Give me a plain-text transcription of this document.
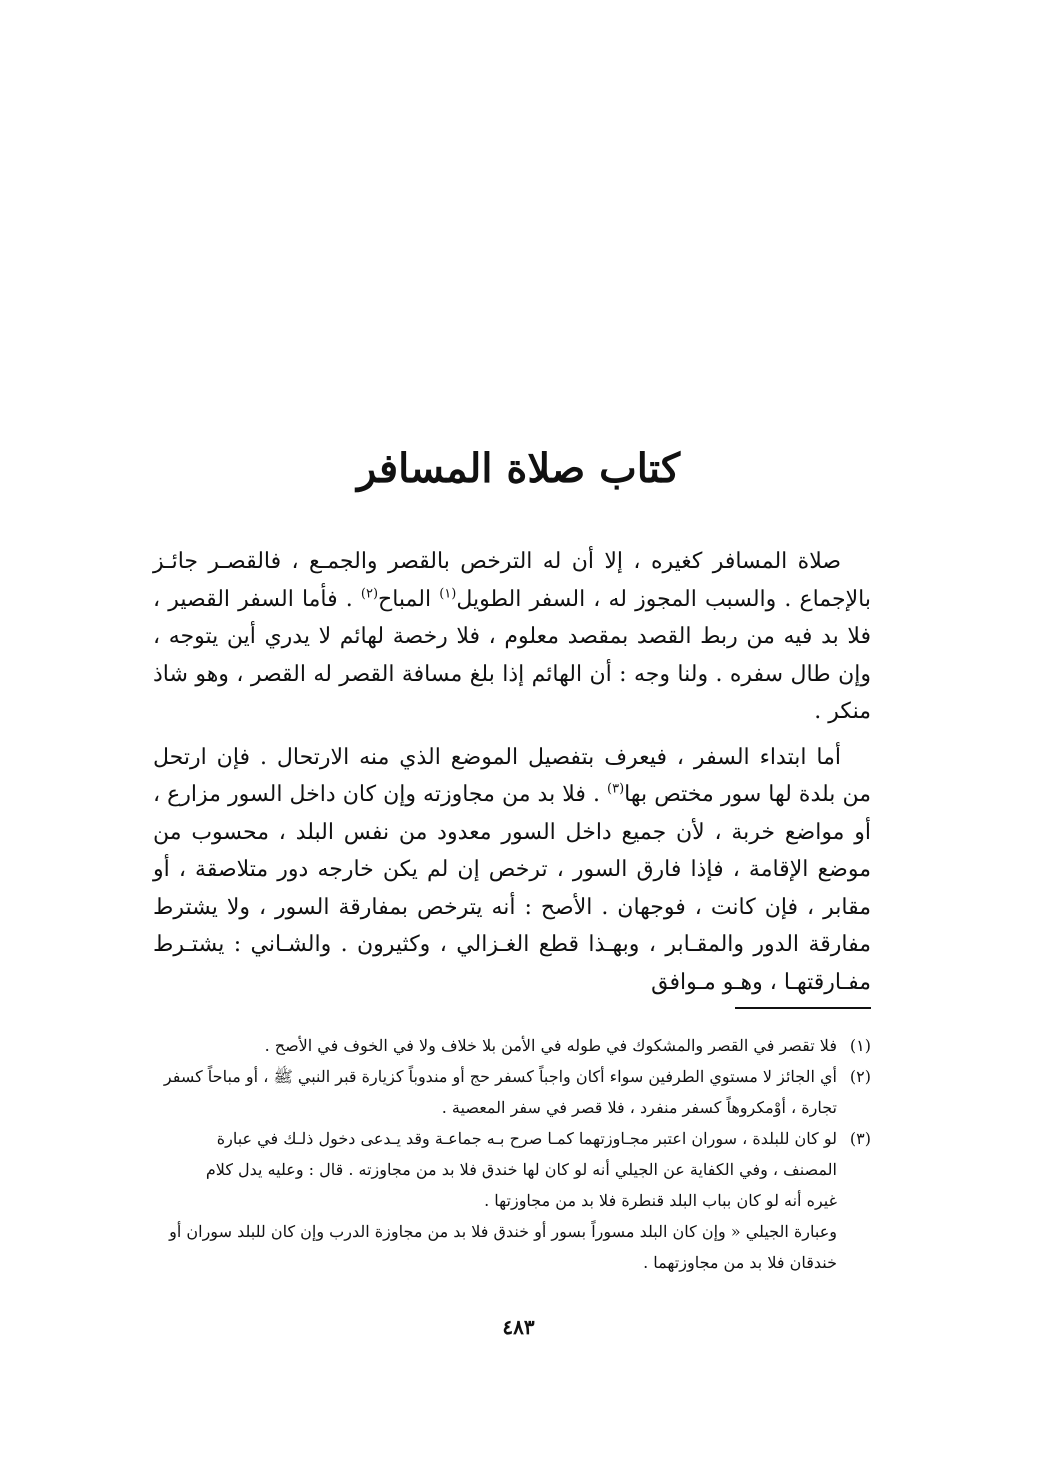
كتاب صلاة المسافر

صلاة المسافر كغيره ، إلا أن له الترخص بالقصر والجمـع ، فالقصـر جائـز بالإجماع . والسبب المجوز له ، السفر الطويل$^{(١)}$ المباح$^{(٢)}$ . فأما السفر القصير ، فلا بد فيه من ربط القصد بمقصد معلوم ، فلا رخصة لهائم لا يدري أين يتوجه ، وإن طال سفره . ولنا وجه : أن الهائم إذا بلغ مسافة القصر له القصر ، وهو شاذ منكر .

أما ابتداء السفر ، فيعرف بتفصيل الموضع الذي منه الارتحال . فإن ارتحل من بلدة لها سور مختص بها$^{(٣)}$ . فلا بد من مجاوزته وإن كان داخل السور مزارع ، أو مواضع خربة ، لأن جميع داخل السور معدود من نفس البلد ، محسوب من موضع الإقامة ، فإذا فارق السور ، ترخص إن لم يكن خارجه دور متلاصقة ، أو مقابر ، فإن كانت ، فوجهان . الأصح : أنه يترخص بمفارقة السور ، ولا يشترط مفارقة الدور والمقـابر ، وبهـذا قطع الغـزالي ، وكثيرون . والشـاني : يشتـرط مفـارقتهـا ، وهـو مـوافق

(١)
فلا تقصر في القصر والمشكوك في طوله في الأمن بلا خلاف ولا في الخوف في الأصح .
(٢)
أي الجائز لا مستوي الطرفين سواء أكان واجباً كسفر حج أو مندوباً كزيارة قبر النبي ﷺ ، أو مباحاً كسفر
تجارة ، أوْمكروهاً كسفر منفرد ، فلا قصر في سفر المعصية .
(٣)
لو كان للبلدة ، سوران اعتبر مجـاوزتهما كمـا صرح بـه جماعـة وقد يـدعى دخول ذلـك في عبارة
المصنف ، وفي الكفاية عن الجيلي أنه لو كان لها خندق فلا بد من مجاوزته . قال : وعليه يدل كلام
غيره أنه لو كان بباب البلد قنطرة فلا بد من مجاوزتها .
وعبارة الجيلي « وإن كان البلد مسوراً بسور أو خندق فلا بد من مجاوزة الدرب وإن كان للبلد سوران أو
خندقان فلا بد من مجاوزتهما .
٤٨٣
